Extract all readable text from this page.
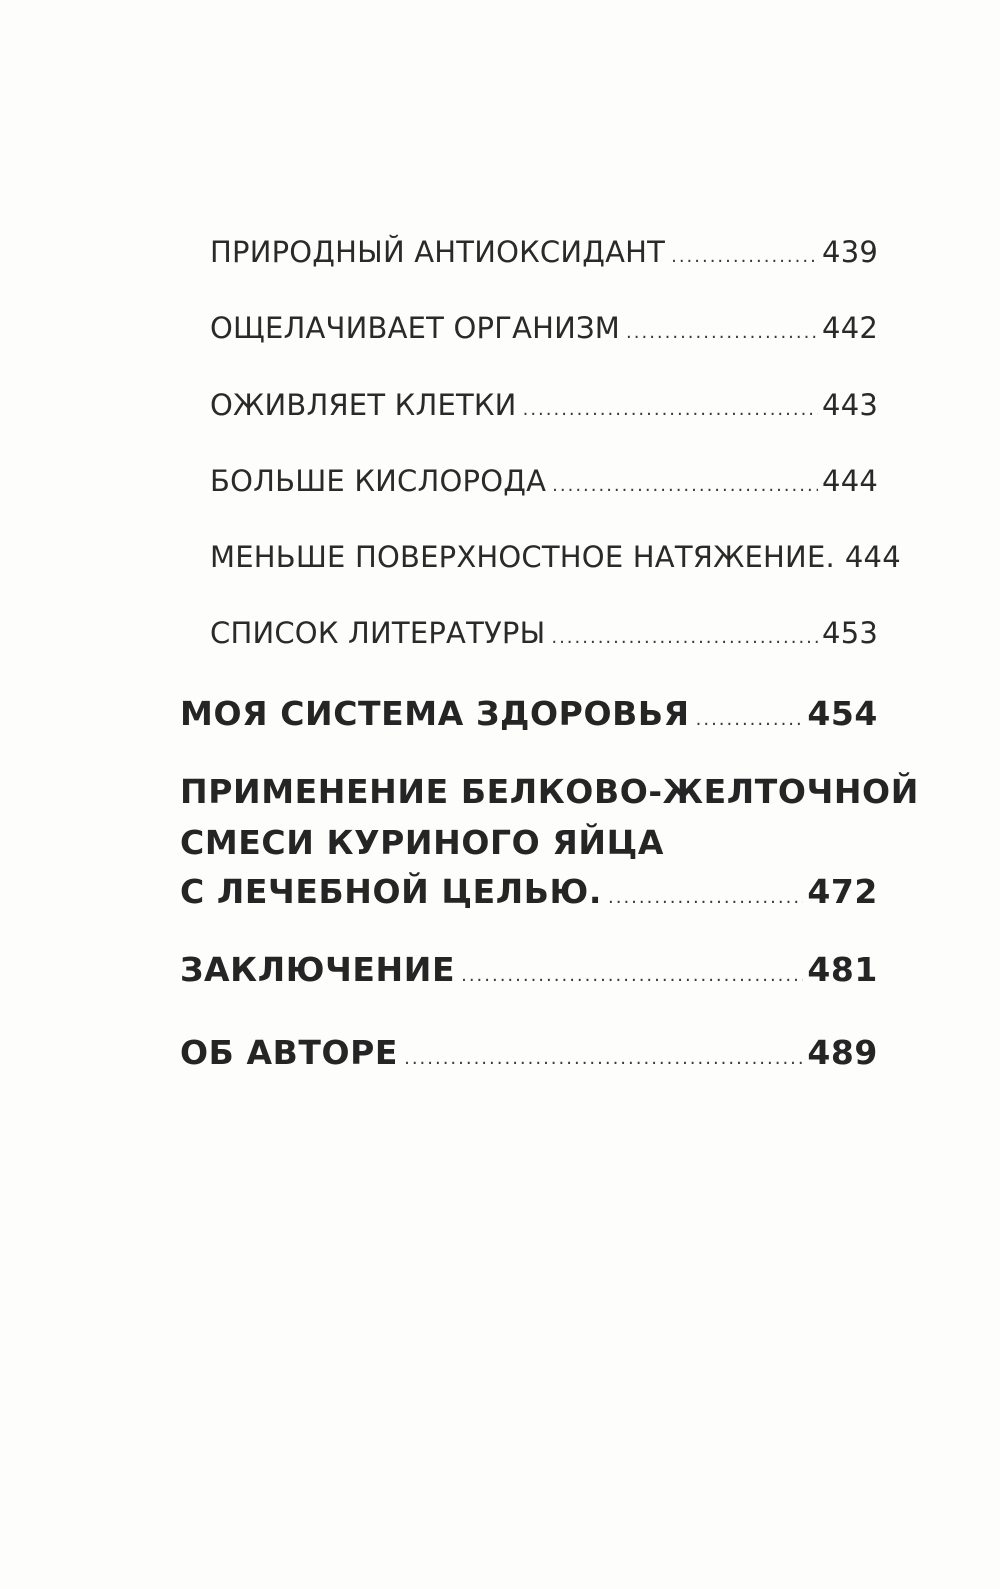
ПРИРОДНЫЙ АНТИОКСИДАНТ .....	439
ОЩЕЛАЧИВАЕТ ОРГАНИЗМ .....	442
ОЖИВЛЯЕТ КЛЕТКИ .....	443
БОЛЬШЕ КИСЛОРОДА .....	444
МЕНЬШЕ ПОВЕРХНОСТНОЕ НАТЯЖЕНИЕ. 444
СПИСОК ЛИТЕРАТУРЫ .....	453
МОЯ СИСТЕМА ЗДОРОВЬЯ .....	454
ПРИМЕНЕНИЕ БЕЛКОВО-ЖЕЛТОЧНОЙ
СМЕСИ КУРИНОГО ЯЙЦА
С ЛЕЧЕБНОЙ ЦЕЛЬЮ. .....	472
ЗАКЛЮЧЕНИЕ .....	481
ОБ АВТОРЕ .....	489
